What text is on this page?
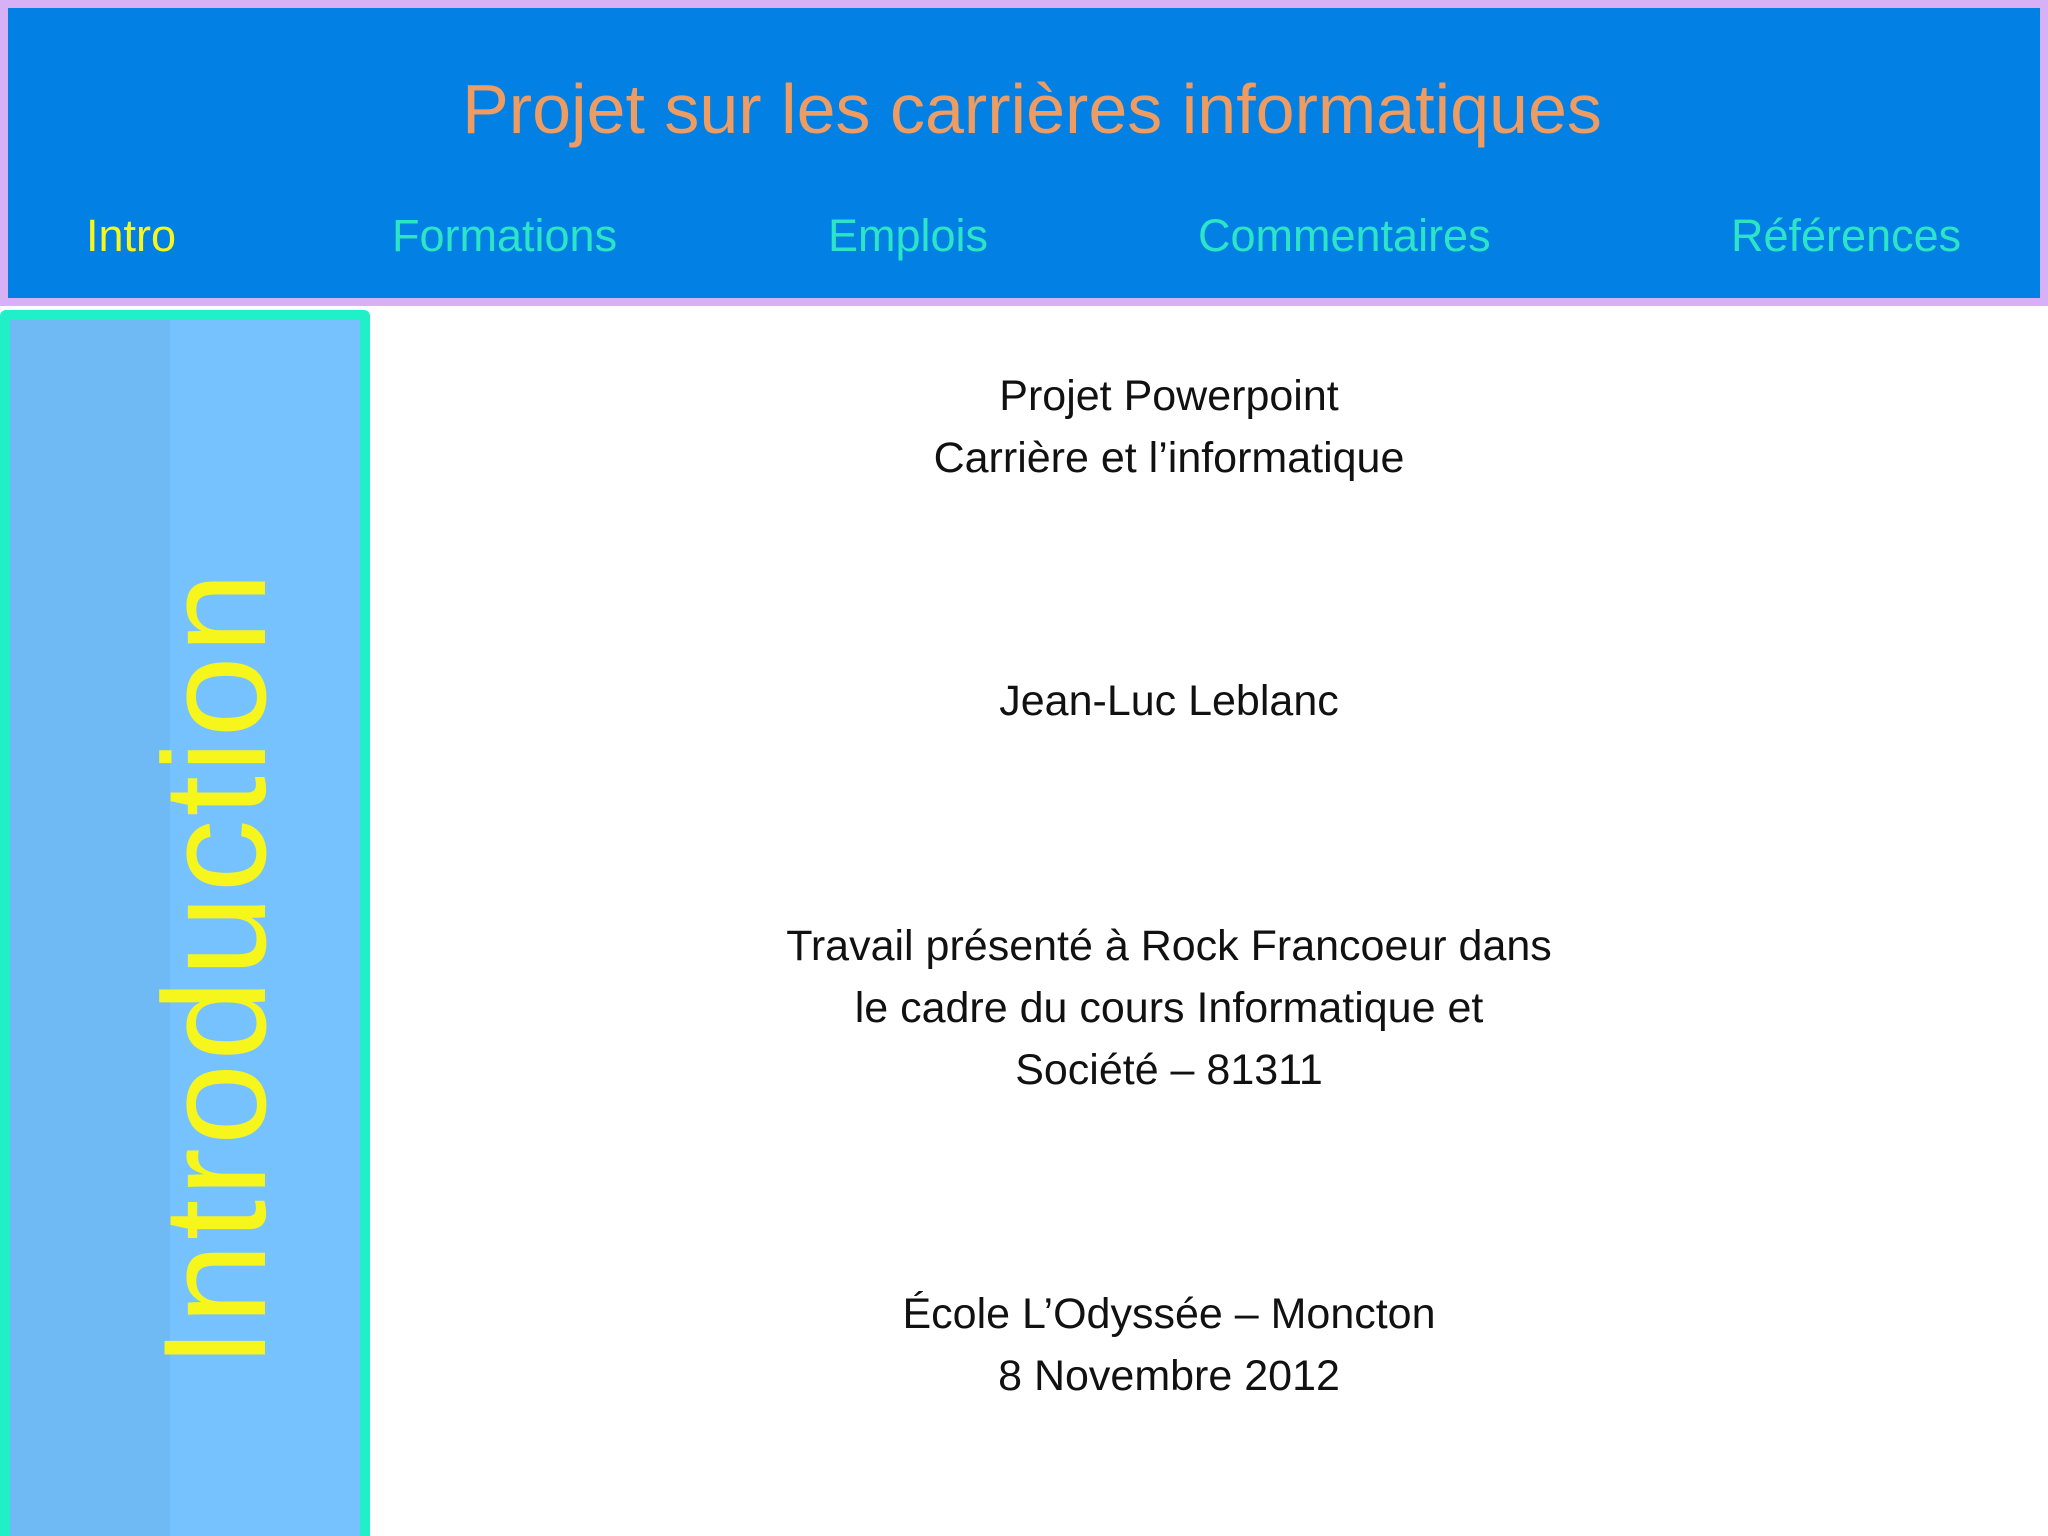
Projet sur les carrières informatiques
Intro	Formations	Emplois	Commentaires	Références
Introduction
Projet Powerpoint
Carrière et l’informatique
Jean-Luc Leblanc
Travail présenté à Rock Francoeur dans
le cadre du cours Informatique et
Société – 81311
École L’Odyssée – Moncton
8 Novembre 2012
